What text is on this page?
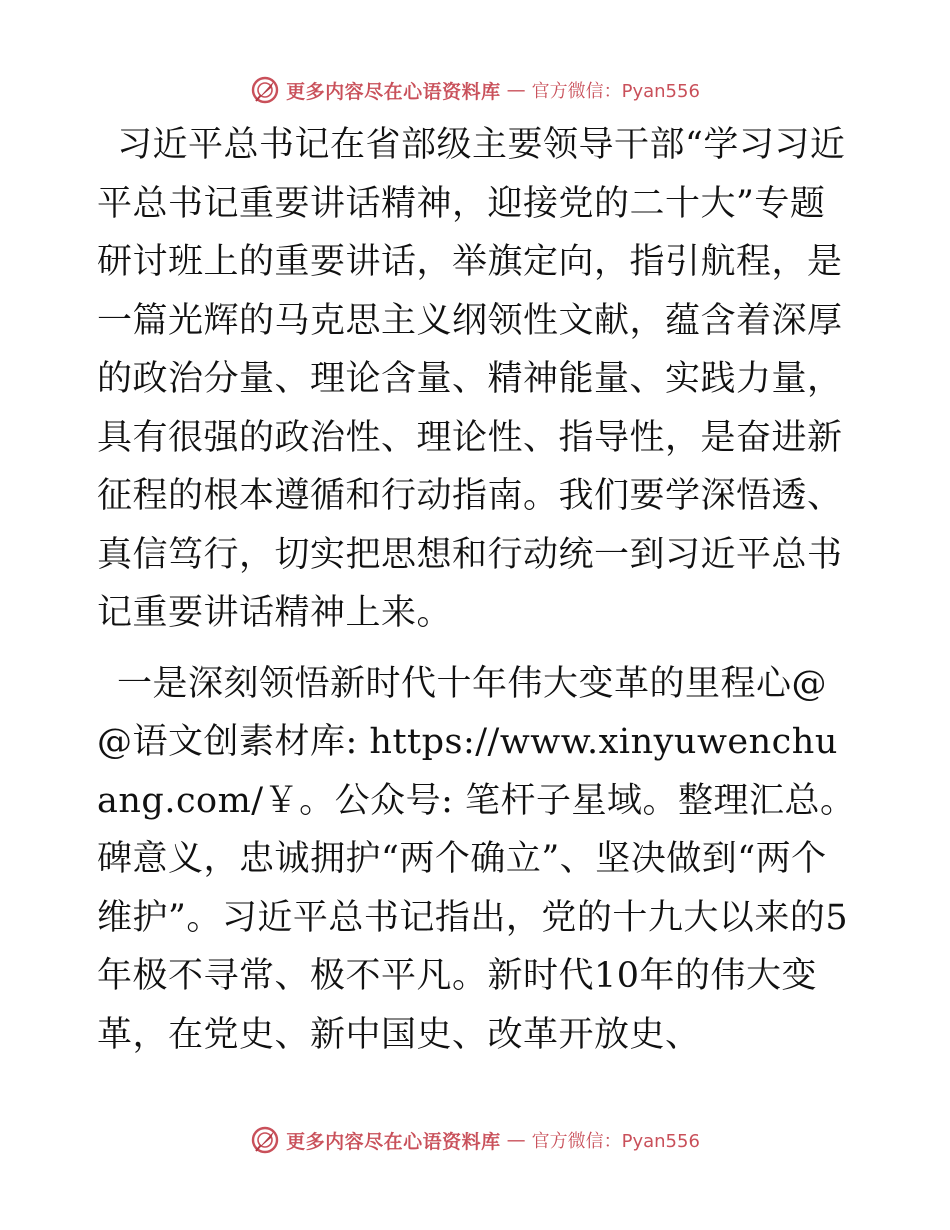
更多内容尽在心语资料库 — 官方微信：Pyan556

习近平总书记在省部级主要领导干部“学习习近平总书记重要讲话精神，迎接党的二十大”专题研讨班上的重要讲话，举旗定向，指引航程，是一篇光辉的马克思主义纲领性文献，蕴含着深厚的政治分量、理论含量、精神能量、实践力量，具有很强的政治性、理论性、指导性，是奋进新征程的根本遵循和行动指南。我们要学深悟透、真信笃行，切实把思想和行动统一到习近平总书记重要讲话精神上来。

一是深刻领悟新时代十年伟大变革的里程心@@语文创素材库: https://www.xinyuwenchuang.com/￥。公众号: 笔杆子星域。整理汇总。碑意义，忠诚拥护“两个确立”、坚决做到“两个维护”。习近平总书记指出，党的十九大以来的5年极不寻常、极不平凡。新时代10年的伟大变革，在党史、新中国史、改革开放史、

更多内容尽在心语资料库 — 官方微信：Pyan556
